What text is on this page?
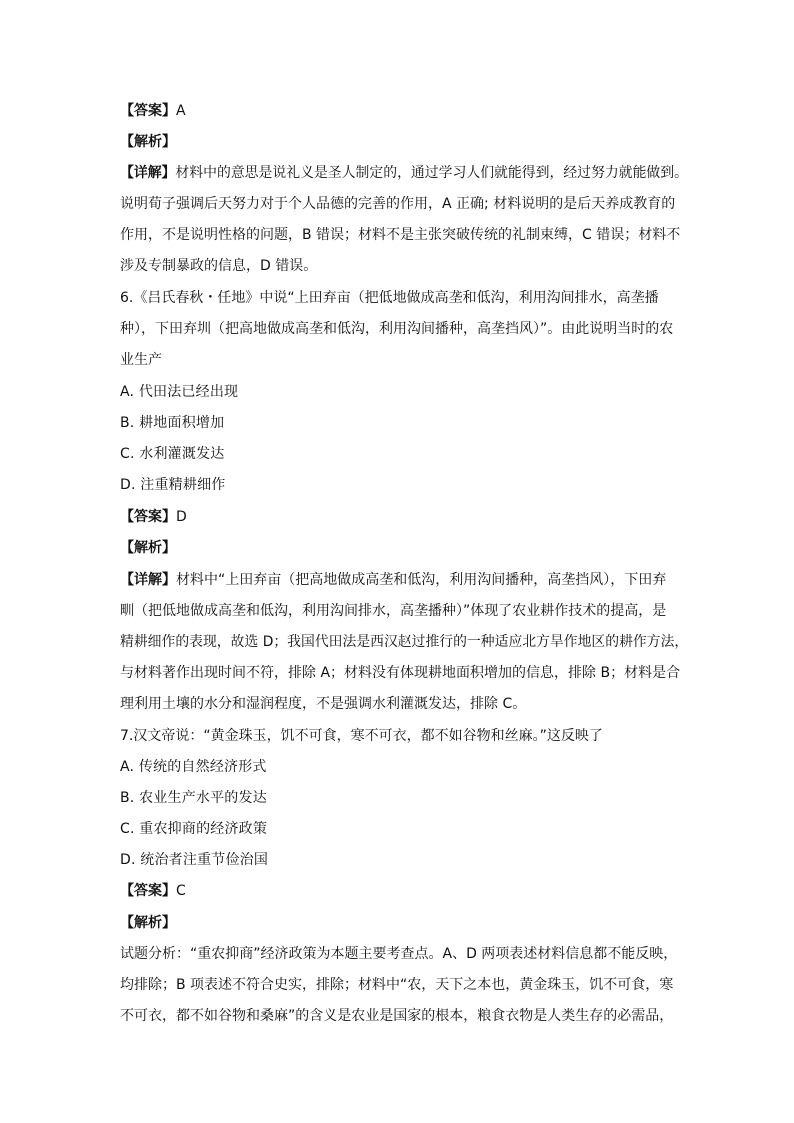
【答案】A
【解析】
【详解】材料中的意思是说礼义是圣人制定的，通过学习人们就能得到，经过努力就能做到。
说明荀子强调后天努力对于个人品德的完善的作用，A 正确; 材料说明的是后天养成教育的
作用，不是说明性格的问题，B 错误；材料不是主张突破传统的礼制束缚，C 错误；材料不
涉及专制暴政的信息，D 错误。
6.《吕氏春秋・任地》中说“上田弃亩（把低地做成高垄和低沟，利用沟间排水，高垄播
种），下田弃圳（把高地做成高垄和低沟，利用沟间播种，高垄挡风）”。由此说明当时的农
业生产
A. 代田法已经出现
B. 耕地面积增加
C. 水利灌溉发达
D. 注重精耕细作
【答案】D
【解析】
【详解】材料中“上田弃亩（把高地做成高垄和低沟，利用沟间播种，高垄挡风），下田弃
甽（把低地做成高垄和低沟，利用沟间排水，高垄播种）”体现了农业耕作技术的提高，是
精耕细作的表现，故选 D；我国代田法是西汉赵过推行的一种适应北方旱作地区的耕作方法，
与材料著作出现时间不符，排除 A；材料没有体现耕地面积增加的信息，排除 B；材料是合
理利用土壤的水分和湿润程度，不是强调水利灌溉发达，排除 C。
7.汉文帝说：“黄金珠玉，饥不可食，寒不可衣，都不如谷物和丝麻。”这反映了
A. 传统的自然经济形式
B. 农业生产水平的发达
C. 重农抑商的经济政策
D. 统治者注重节俭治国
【答案】C
【解析】
试题分析：“重农抑商”经济政策为本题主要考查点。A、D 两项表述材料信息都不能反映，
均排除；B 项表述不符合史实，排除；材料中“农，天下之本也，黄金珠玉，饥不可食，寒
不可衣，都不如谷物和桑麻”的含义是农业是国家的根本，粮食衣物是人类生存的必需品，
